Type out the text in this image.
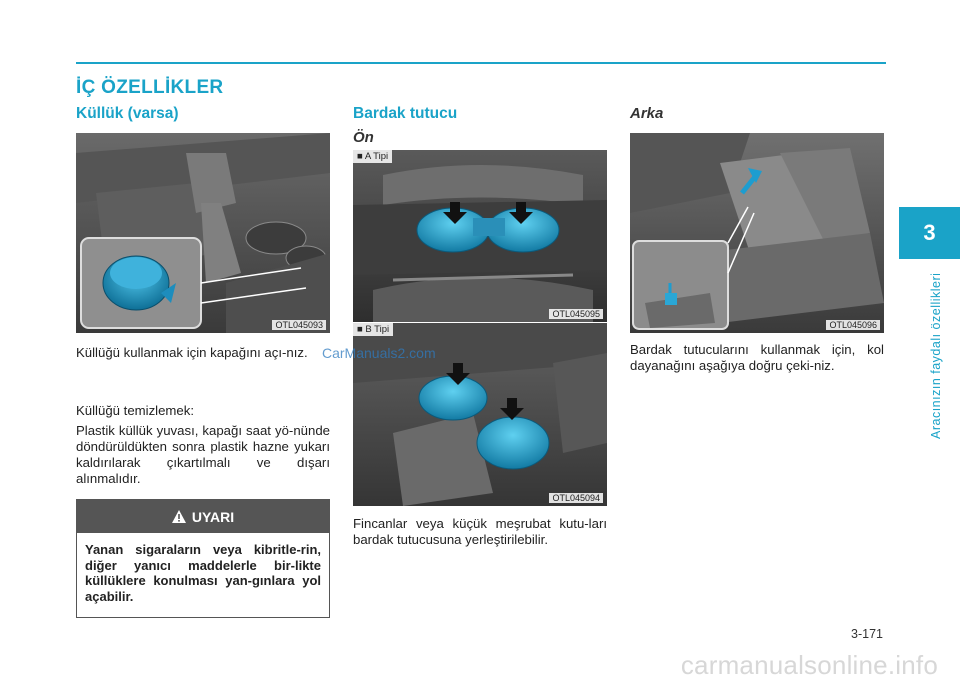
İÇ ÖZELLİKLER
3
Aracınızın faydalı özellikleri
Küllük (varsa)
OTL045093
Küllüğü kullanmak için kapağını açı-nız.
Küllüğü temizlemek:
Plastik küllük yuvası, kapağı saat yö-nünde döndürüldükten sonra plastik hazne yukarı kaldırılarak çıkartılmalı ve dışarı alınmalıdır.
UYARI
Yanan sigaraların veya kibritle-rin, diğer yanıcı maddelerle bir-likte küllüklere konulması yan-gınlara yol açabilir.
Bardak tutucu
Ön
■ A Tipi
OTL045095
■ B Tipi
OTL045094
Fincanlar veya küçük meşrubat kutu-ları bardak tutucusuna yerleştirilebilir.
Arka
OTL045096
Bardak tutucularını kullanmak için, kol dayanağını aşağıya doğru çeki-niz.
CarManuals2.com
3-171
carmanualsonline.info
